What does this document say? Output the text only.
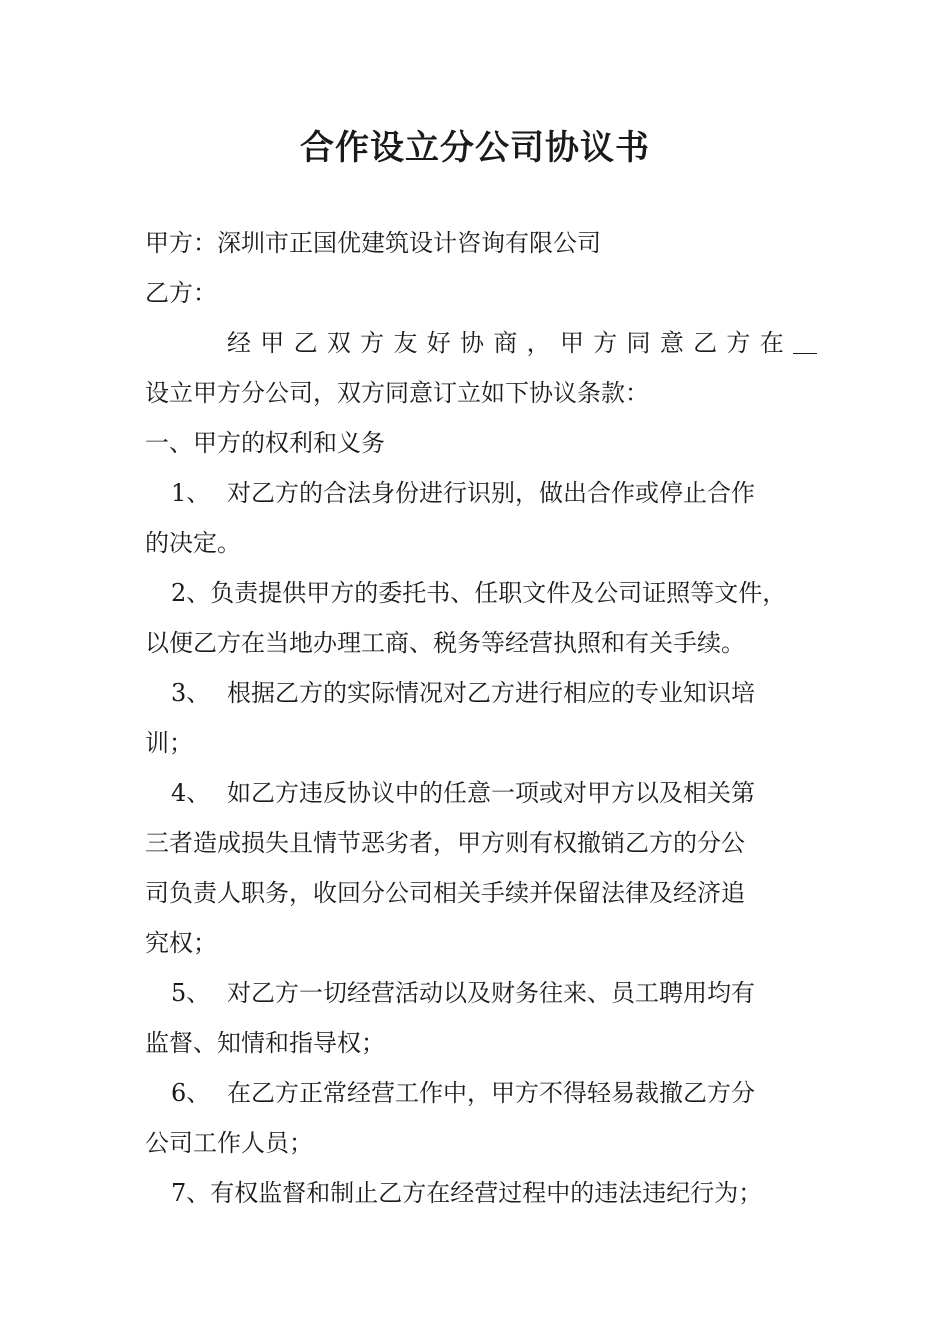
合作设立分公司协议书

甲方：深圳市正国优建筑设计咨询有限公司

乙方：

经甲乙双方友好协商，甲方同意乙方在＿

设立甲方分公司，双方同意订立如下协议条款：

一、甲方的权利和义务

1、 对乙方的合法身份进行识别，做出合作或停止合作

的决定。

2、负责提供甲方的委托书、任职文件及公司证照等文件，

以便乙方在当地办理工商、税务等经营执照和有关手续。

3、 根据乙方的实际情况对乙方进行相应的专业知识培

训；

4、 如乙方违反协议中的任意一项或对甲方以及相关第

三者造成损失且情节恶劣者，甲方则有权撤销乙方的分公

司负责人职务，收回分公司相关手续并保留法律及经济追

究权；

5、 对乙方一切经营活动以及财务往来、员工聘用均有

监督、知情和指导权；

6、 在乙方正常经营工作中，甲方不得轻易裁撤乙方分

公司工作人员；

7、有权监督和制止乙方在经营过程中的违法违纪行为；
